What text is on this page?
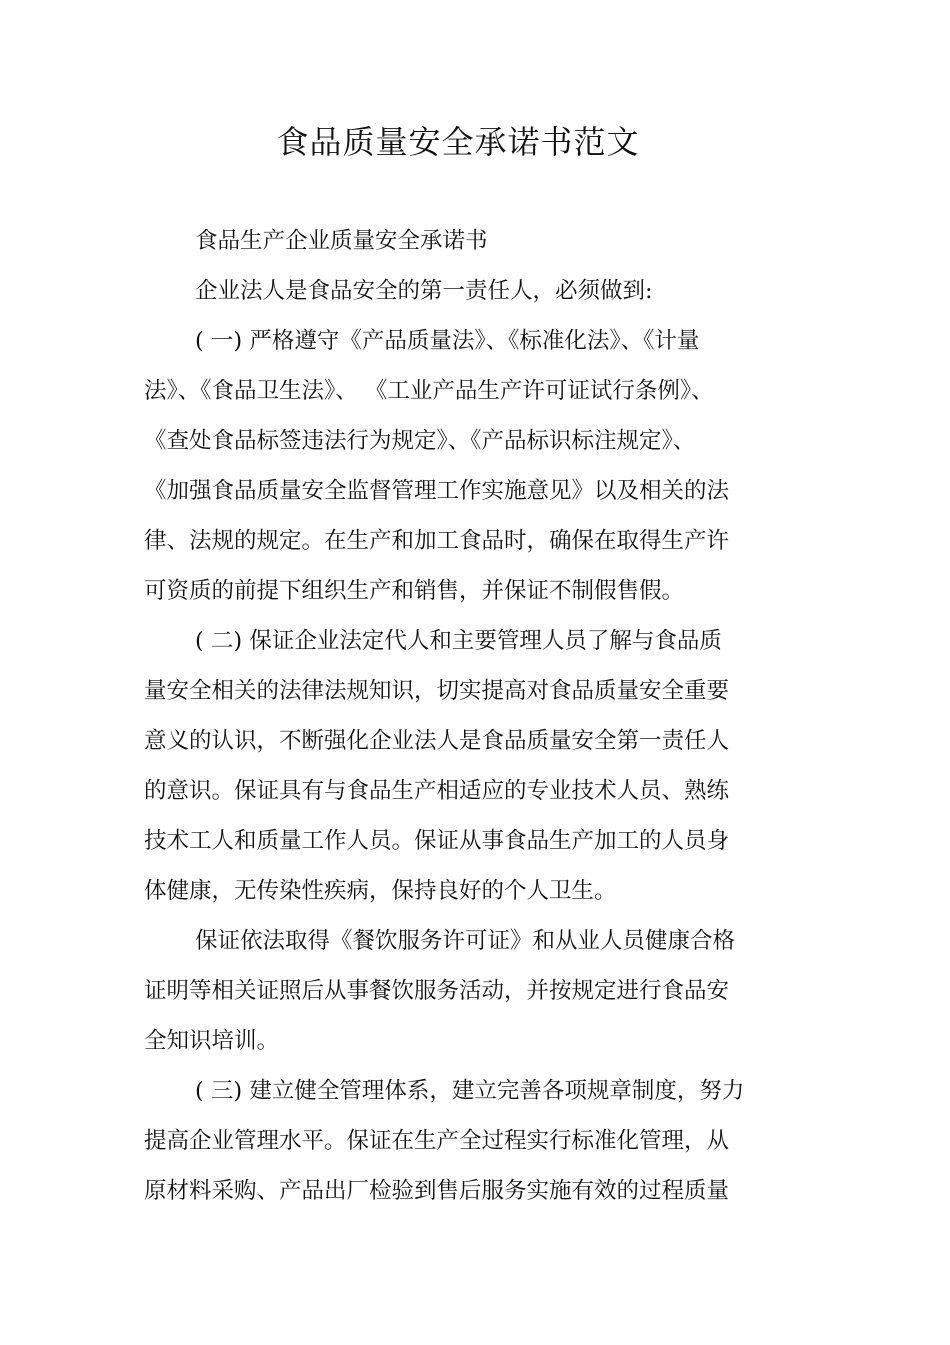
食品质量安全承诺书范文
食品生产企业质量安全承诺书
企业法人是食品安全的第一责任人，必须做到:
( 一) 严格遵守《产品质量法》、《标准化法》、《计量
法》、《食品卫生法》、 《工业产品生产许可证试行条例》、
《查处食品标签违法行为规定》、《产品标识标注规定》、
《加强食品质量安全监督管理工作实施意见》以及相关的法
律、法规的规定。在生产和加工食品时，确保在取得生产许
可资质的前提下组织生产和销售，并保证不制假售假。
( 二) 保证企业法定代人和主要管理人员了解与食品质
量安全相关的法律法规知识，切实提高对食品质量安全重要
意义的认识，不断强化企业法人是食品质量安全第一责任人
的意识。保证具有与食品生产相适应的专业技术人员、熟练
技术工人和质量工作人员。保证从事食品生产加工的人员身
体健康，无传染性疾病，保持良好的个人卫生。
保证依法取得《餐饮服务许可证》和从业人员健康合格
证明等相关证照后从事餐饮服务活动，并按规定进行食品安
全知识培训。
( 三) 建立健全管理体系，建立完善各项规章制度，努力
提高企业管理水平。保证在生产全过程实行标准化管理，从
原材料采购、产品出厂检验到售后服务实施有效的过程质量
